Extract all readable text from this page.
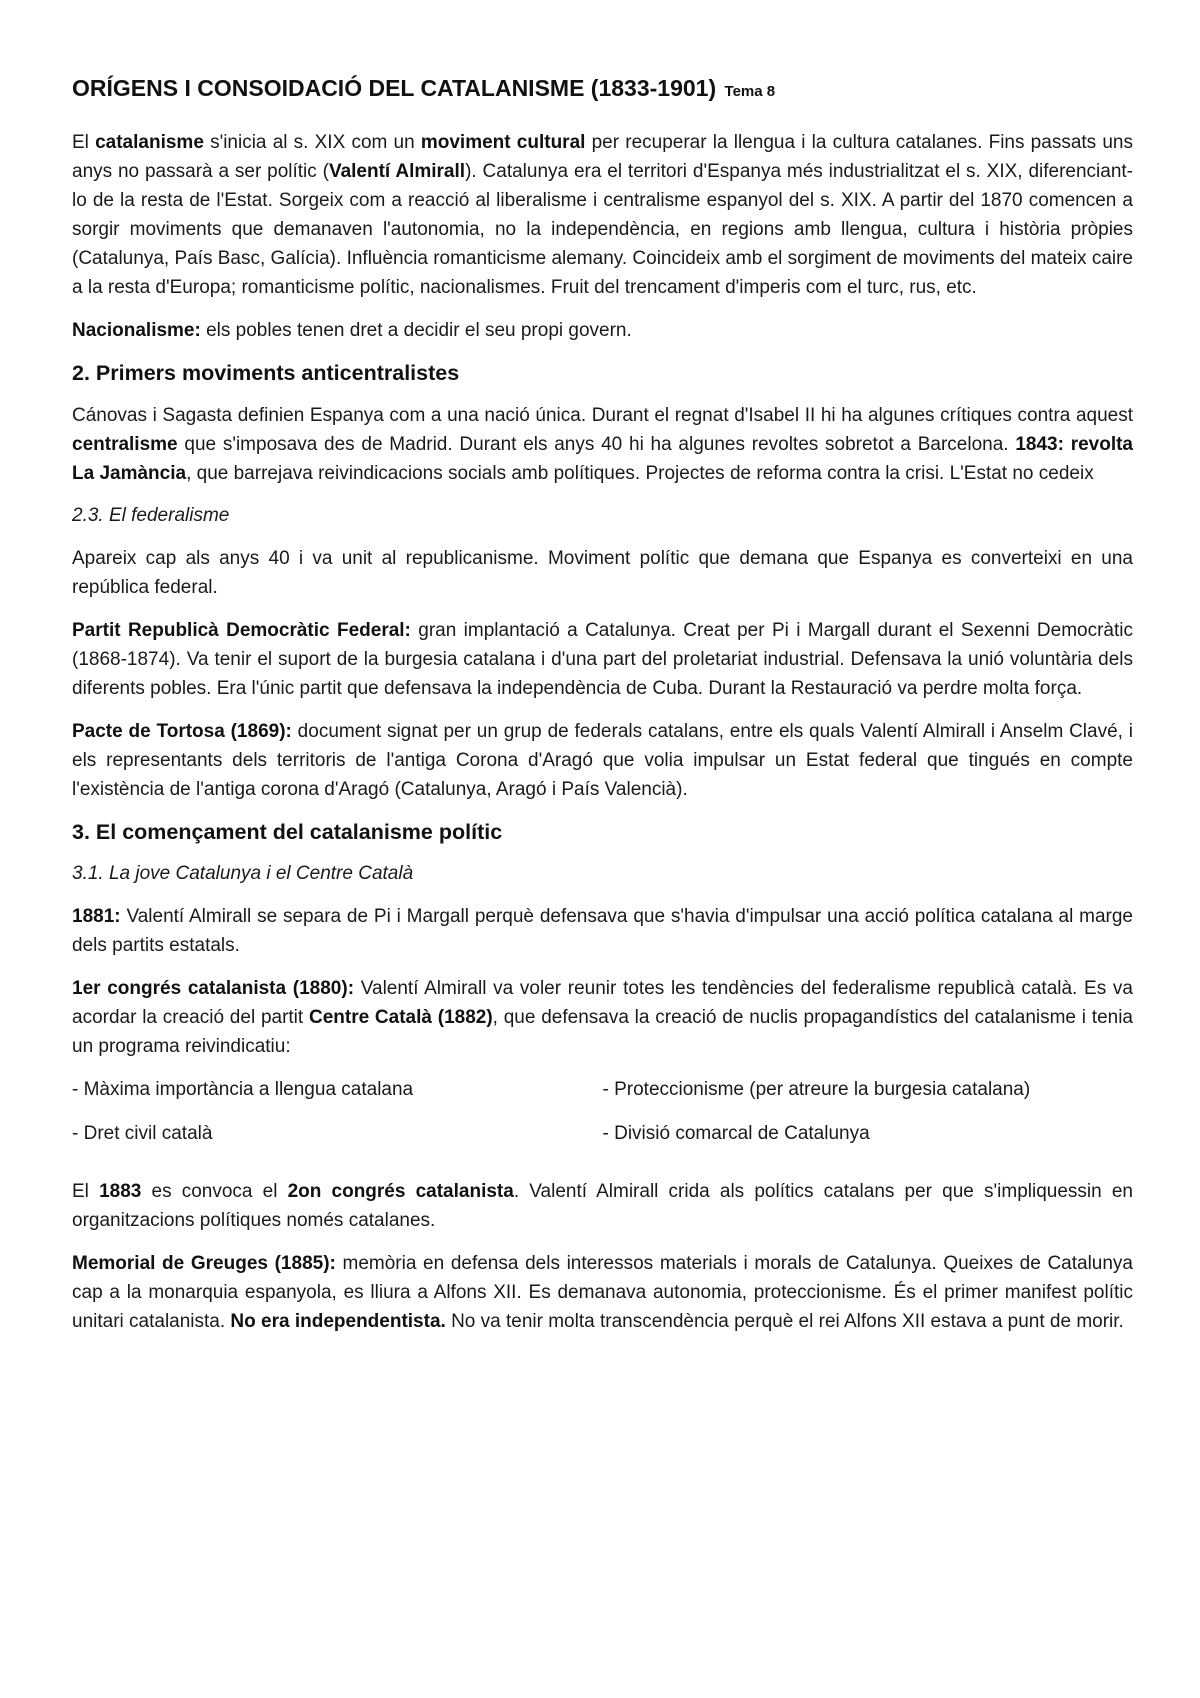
ORÍGENS I CONSOIDACIÓ DEL CATALANISME (1833-1901) Tema 8

El catalanisme s'inicia al s. XIX com un moviment cultural per recuperar la llengua i la cultura catalanes. Fins passats uns anys no passarà a ser polític (Valentí Almirall). Catalunya era el territori d'Espanya més industrialitzat el s. XIX, diferenciant-lo de la resta de l'Estat. Sorgeix com a reacció al liberalisme i centralisme espanyol del s. XIX. A partir del 1870 comencen a sorgir moviments que demanaven l'autonomia, no la independència, en regions amb llengua, cultura i història pròpies (Catalunya, País Basc, Galícia). Influència romanticisme alemany. Coincideix amb el sorgiment de moviments del mateix caire a la resta d'Europa; romanticisme polític, nacionalismes. Fruit del trencament d'imperis com el turc, rus, etc.

Nacionalisme: els pobles tenen dret a decidir el seu propi govern.

2. Primers moviments anticentralistes

Cánovas i Sagasta definien Espanya com a una nació única. Durant el regnat d'Isabel II hi ha algunes crítiques contra aquest centralisme que s'imposava des de Madrid. Durant els anys 40 hi ha algunes revoltes sobretot a Barcelona. 1843: revolta La Jamància, que barrejava reivindicacions socials amb polítiques. Projectes de reforma contra la crisi. L'Estat no cedeix

2.3. El federalisme

Apareix cap als anys 40 i va unit al republicanisme. Moviment polític que demana que Espanya es converteixi en una república federal.

Partit Republicà Democràtic Federal: gran implantació a Catalunya. Creat per Pi i Margall durant el Sexenni Democràtic (1868-1874). Va tenir el suport de la burgesia catalana i d'una part del proletariat industrial. Defensava la unió voluntària dels diferents pobles. Era l'únic partit que defensava la independència de Cuba. Durant la Restauració va perdre molta força.

Pacte de Tortosa (1869): document signat per un grup de federals catalans, entre els quals Valentí Almirall i Anselm Clavé, i els representants dels territoris de l'antiga Corona d'Aragó que volia impulsar un Estat federal que tingués en compte l'existència de l'antiga corona d'Aragó (Catalunya, Aragó i País Valencià).

3. El començament del catalanisme polític
3.1. La jove Catalunya i el Centre Català

1881: Valentí Almirall se separa de Pi i Margall perquè defensava que s'havia d'impulsar una acció política catalana al marge dels partits estatals.

1er congrés catalanista (1880): Valentí Almirall va voler reunir totes les tendències del federalisme republicà català. Es va acordar la creació del partit Centre Català (1882), que defensava la creació de nuclis propagandístics del catalanisme i tenia un programa reivindicatiu:

- Màxima importància a llengua catalana
- Dret civil català
- Proteccionisme (per atreure la burgesia catalana)
- Divisió comarcal de Catalunya

El 1883 es convoca el 2on congrés catalanista. Valentí Almirall crida als polítics catalans per que s'impliquessin en organitzacions polítiques només catalanes.

Memorial de Greuges (1885): memòria en defensa dels interessos materials i morals de Catalunya. Queixes de Catalunya cap a la monarquia espanyola, es lliura a Alfons XII. Es demanava autonomia, proteccionisme. És el primer manifest polític unitari catalanista. No era independentista. No va tenir molta transcendència perquè el rei Alfons XII estava a punt de morir.
